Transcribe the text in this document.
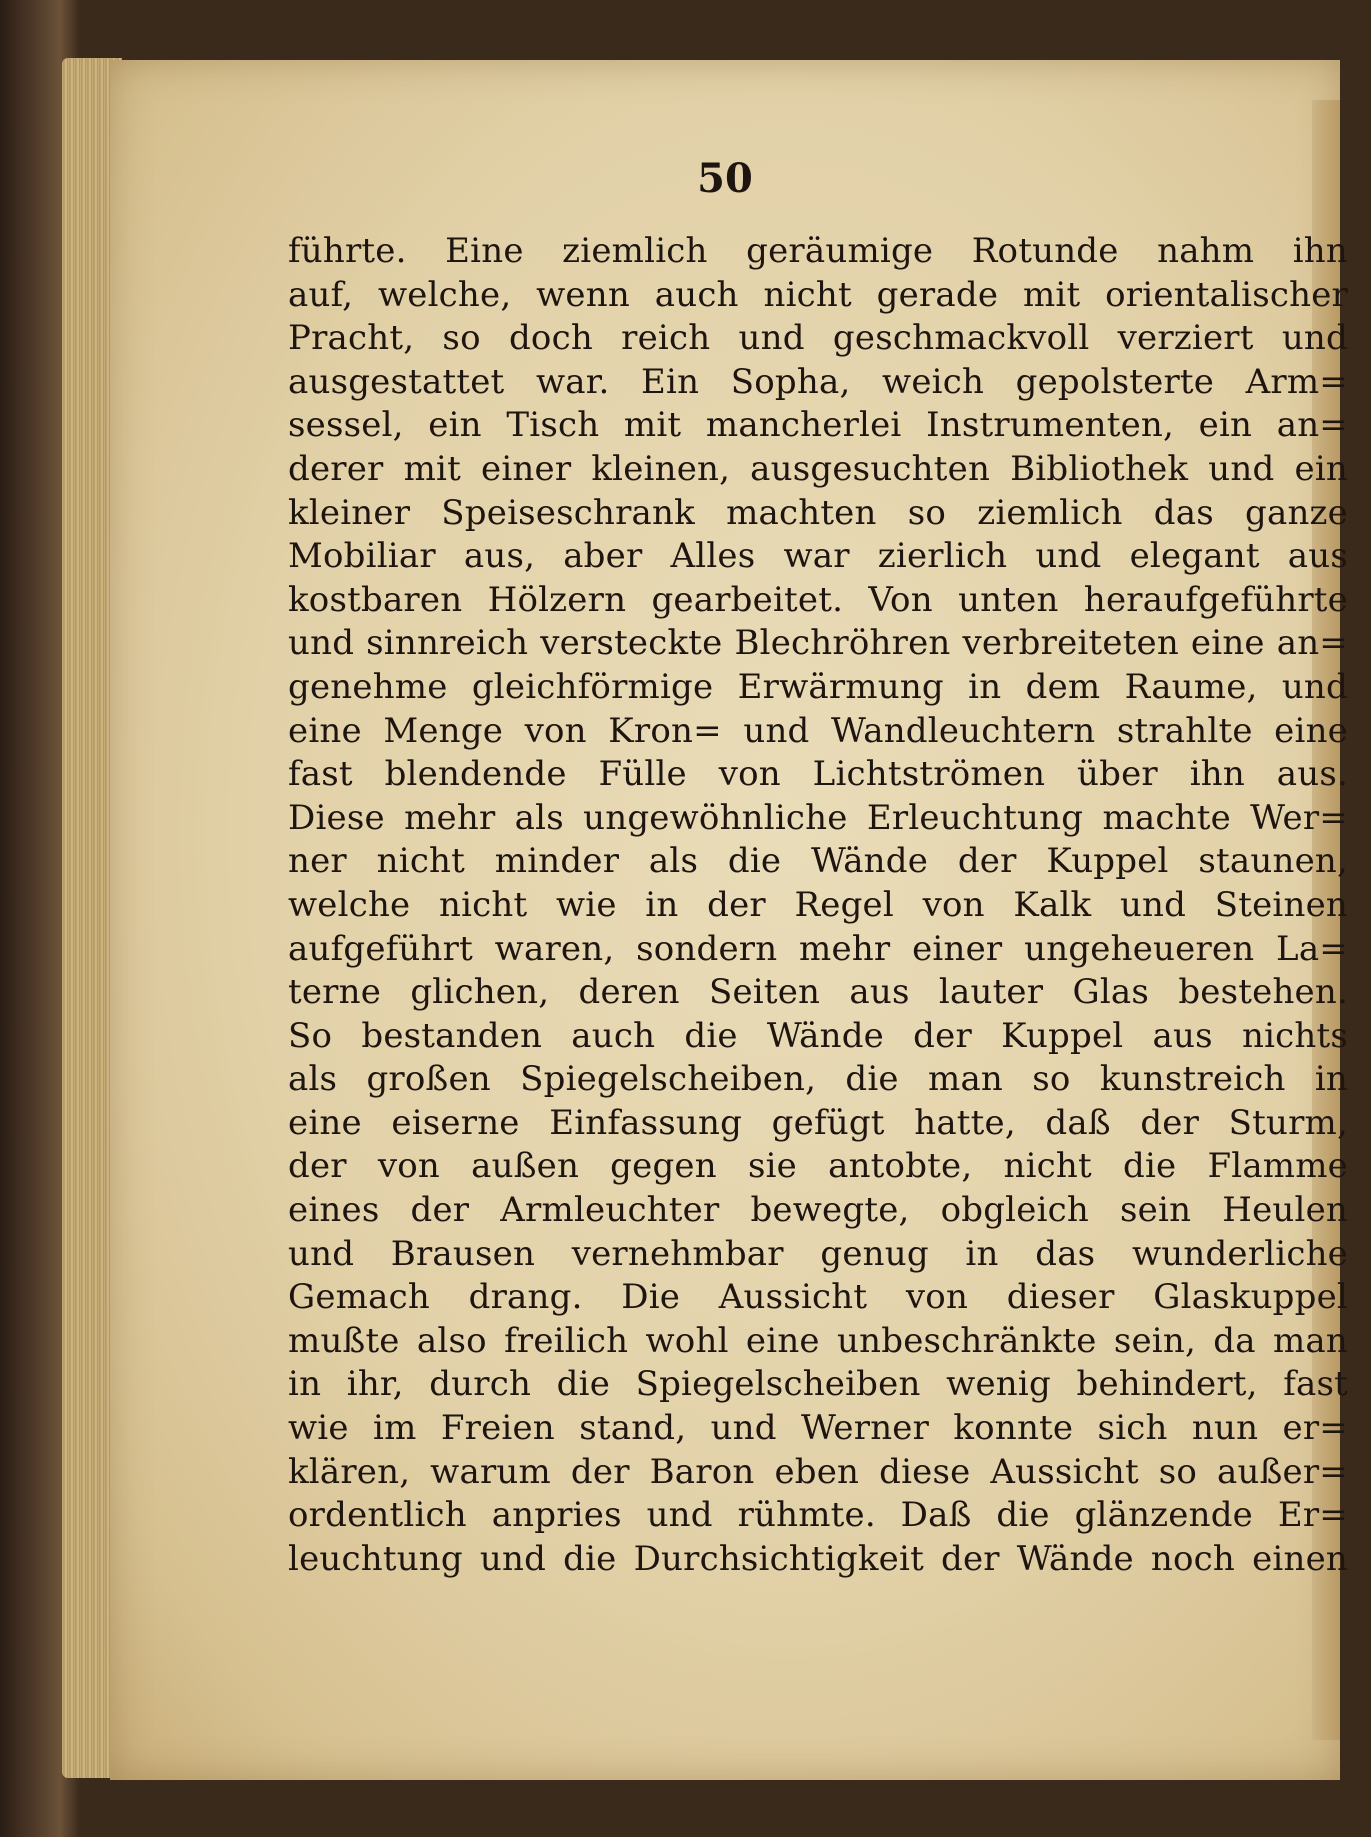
50
führte. Eine ziemlich geräumige Rotunde nahm ihn
auf, welche, wenn auch nicht gerade mit orientalischer
Pracht, so doch reich und geschmackvoll verziert und
ausgestattet war. Ein Sopha, weich gepolsterte Arm=
sessel, ein Tisch mit mancherlei Instrumenten, ein an=
derer mit einer kleinen, ausgesuchten Bibliothek und ein
kleiner Speiseschrank machten so ziemlich das ganze
Mobiliar aus, aber Alles war zierlich und elegant aus
kostbaren Hölzern gearbeitet. Von unten heraufgeführte
und sinnreich versteckte Blechröhren verbreiteten eine an=
genehme gleichförmige Erwärmung in dem Raume, und
eine Menge von Kron= und Wandleuchtern strahlte eine
fast blendende Fülle von Lichtströmen über ihn aus.
Diese mehr als ungewöhnliche Erleuchtung machte Wer=
ner nicht minder als die Wände der Kuppel staunen,
welche nicht wie in der Regel von Kalk und Steinen
aufgeführt waren, sondern mehr einer ungeheueren La=
terne glichen, deren Seiten aus lauter Glas bestehen.
So bestanden auch die Wände der Kuppel aus nichts
als großen Spiegelscheiben, die man so kunstreich in
eine eiserne Einfassung gefügt hatte, daß der Sturm,
der von außen gegen sie antobte, nicht die Flamme
eines der Armleuchter bewegte, obgleich sein Heulen
und Brausen vernehmbar genug in das wunderliche
Gemach drang. Die Aussicht von dieser Glaskuppel
mußte also freilich wohl eine unbeschränkte sein, da man
in ihr, durch die Spiegelscheiben wenig behindert, fast
wie im Freien stand, und Werner konnte sich nun er=
klären, warum der Baron eben diese Aussicht so außer=
ordentlich anpries und rühmte. Daß die glänzende Er=
leuchtung und die Durchsichtigkeit der Wände noch einen
